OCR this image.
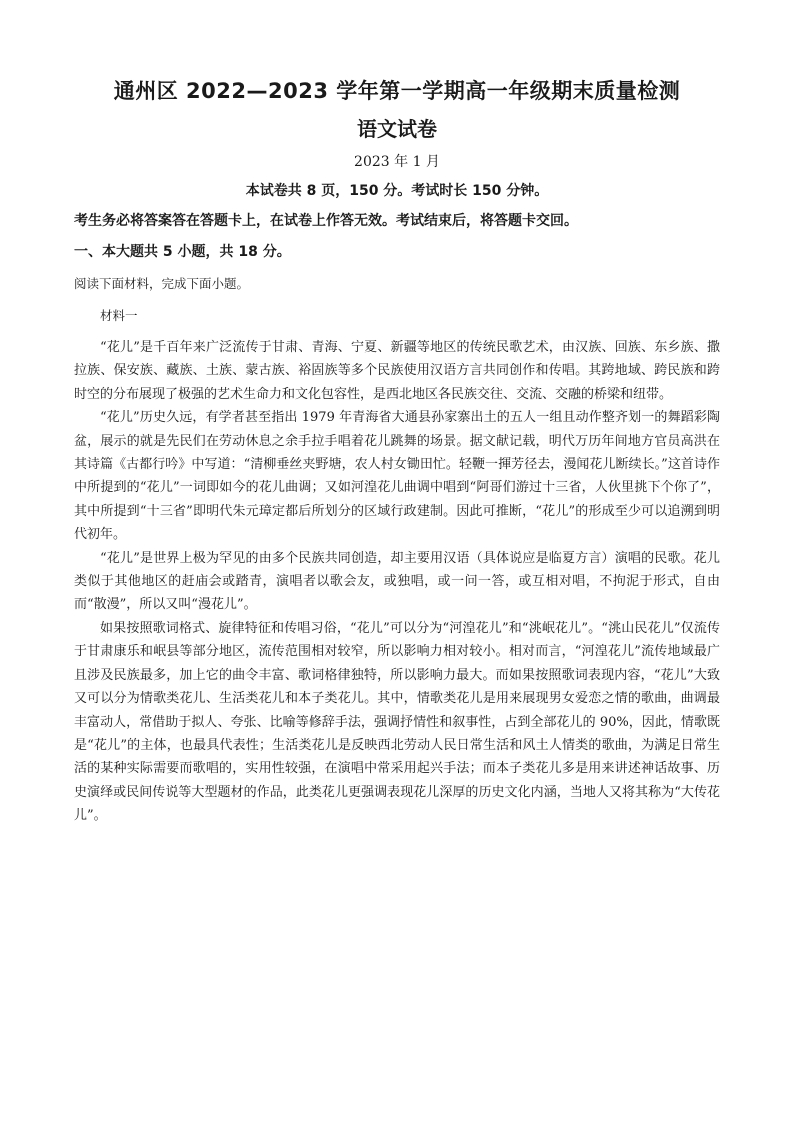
通州区 2022—2023 学年第一学期高一年级期末质量检测
语文试卷
2023 年 1 月
本试卷共 8 页，150 分。考试时长 150 分钟。
考生务必将答案答在答题卡上，在试卷上作答无效。考试结束后，将答题卡交回。
一、本大题共 5 小题，共 18 分。
阅读下面材料，完成下面小题。
材料一

“花儿”是千百年来广泛流传于甘肃、青海、宁夏、新疆等地区的传统民歌艺术，由汉族、回族、东乡族、撒拉族、保安族、藏族、土族、蒙古族、裕固族等多个民族使用汉语方言共同创作和传唱。其跨地域、跨民族和跨时空的分布展现了极强的艺术生命力和文化包容性，是西北地区各民族交往、交流、交融的桥梁和纽带。

“花儿”历史久远，有学者甚至指出 1979 年青海省大通县孙家寨出土的五人一组且动作整齐划一的舞蹈彩陶盆，展示的就是先民们在劳动休息之余手拉手唱着花儿跳舞的场景。据文献记载，明代万历年间地方官员高洪在其诗篇《古都行吟》中写道：“清柳垂丝夹野塘，农人村女锄田忙。轻鞭一揮芳径去，漫闻花儿断续长。”这首诗作中所提到的“花儿”一词即如今的花儿曲调；又如河湟花儿曲调中唱到“阿哥们游过十三省，人伙里挑下个你了”，其中所提到“十三省”即明代朱元璋定都后所划分的区域行政建制。因此可推断，“花儿”的形成至少可以追溯到明代初年。

“花儿”是世界上极为罕见的由多个民族共同创造，却主要用汉语（具体说应是临夏方言）演唱的民歌。花儿类似于其他地区的赶庙会或踏青，演唱者以歌会友，或独唱，或一问一答，或互相对唱，不拘泥于形式，自由而“散漫”，所以又叫“漫花儿”。

如果按照歌词格式、旋律特征和传唱习俗，“花儿”可以分为“河湟花儿”和“洮岷花儿”。“洮山民花儿”仅流传于甘肃康乐和岷县等部分地区，流传范围相对较窄，所以影响力相对较小。相对而言，“河湟花儿”流传地域最广且涉及民族最多，加上它的曲令丰富、歌词格律独特，所以影响力最大。而如果按照歌词表现内容，“花儿”大致又可以分为情歌类花儿、生活类花儿和本子类花儿。其中，情歌类花儿是用来展现男女爱恋之情的歌曲，曲调最丰富动人，常借助于拟人、夸张、比喻等修辞手法，强调抒情性和叙事性，占到全部花儿的 90%，因此，情歌既是“花儿”的主体，也最具代表性；生活类花儿是反映西北劳动人民日常生活和风土人情类的歌曲，为满足日常生活的某种实际需要而歌唱的，实用性较强，在演唱中常采用起兴手法；而本子类花儿多是用来讲述神话故事、历史演绎或民间传说等大型题材的作品，此类花儿更强调表现花儿深厚的历史文化内涵，当地人又将其称为“大传花儿”。
